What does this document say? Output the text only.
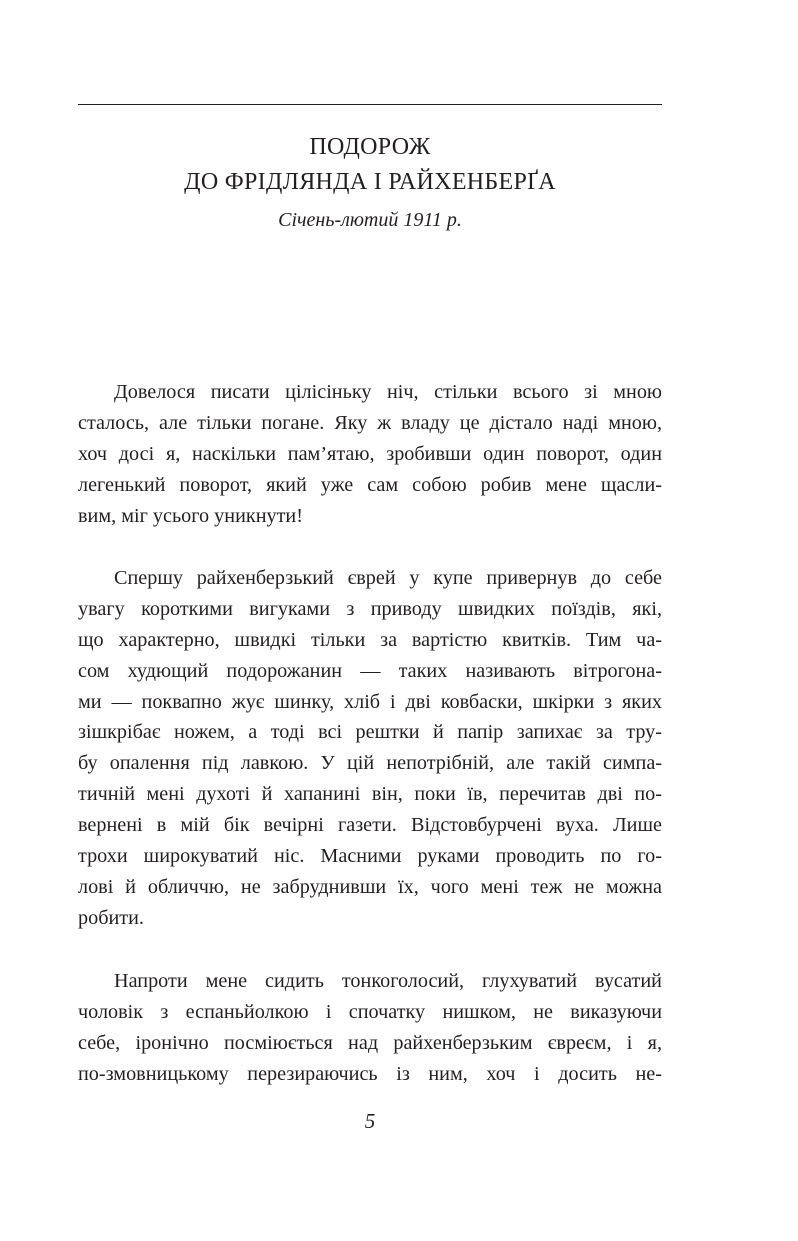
ПОДОРОЖ
ДО ФРІДЛЯНДА І РАЙХЕНБЕРҐА
Січень-лютий 1911 р.
Довелося писати цілісіньку ніч, стільки всього зі мною
сталось, але тільки погане. Яку ж владу це дістало наді мною,
хоч досі я, наскільки пам’ятаю, зробивши один поворот, один
легенький поворот, який уже сам собою робив мене щасли-
вим, міг усього уникнути!
Спершу райхенберзький єврей у купе привернув до себе
увагу короткими вигуками з приводу швидких поїздів, які,
що характерно, швидкі тільки за вартістю квитків. Тим ча-
сом худющий подорожанин — таких називають вітрогона-
ми — поквапно жує шинку, хліб і дві ковбаски, шкірки з яких
зішкрібає ножем, а тоді всі рештки й папір запихає за тру-
бу опалення під лавкою. У цій непотрібній, але такій симпа-
тичній мені духоті й хапанині він, поки їв, перечитав дві по-
вернені в мій бік вечірні газети. Відстовбурчені вуха. Лише
трохи широкуватий ніс. Масними руками проводить по го-
лові й обличчю, не забруднивши їх, чого мені теж не можна
робити.
Напроти мене сидить тонкоголосий, глухуватий вусатий
чоловік з еспаньйолкою і спочатку нишком, не виказуючи
себе, іронічно посміюється над райхенберзьким євреєм, і я,
по-змовницькому перезираючись із ним, хоч і досить не-
5
